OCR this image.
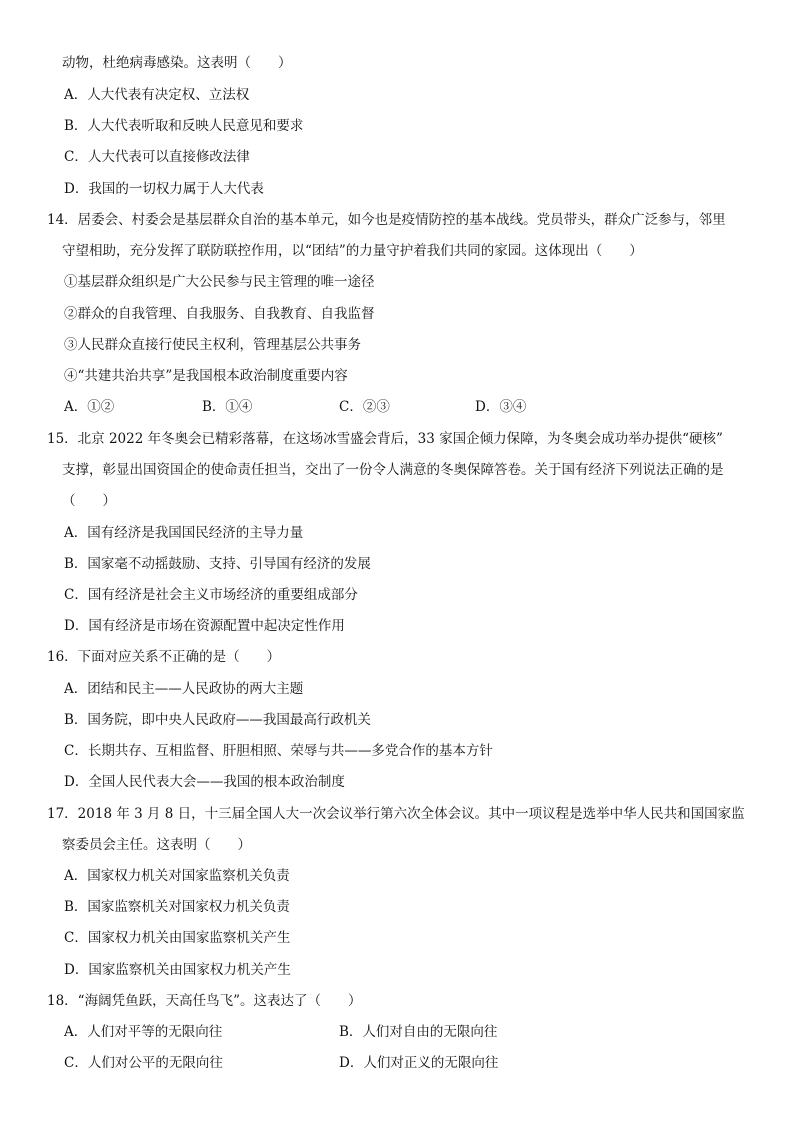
动物，杜绝病毒感染。这表明（　　）
A．人大代表有决定权、立法权
B．人大代表听取和反映人民意见和要求
C．人大代表可以直接修改法律
D．我国的一切权力属于人大代表
14．居委会、村委会是基层群众自治的基本单元，如今也是疫情防控的基本战线。党员带头，群众广泛参与，邻里
守望相助，充分发挥了联防联控作用，以“团结”的力量守护着我们共同的家园。这体现出（　　）
①基层群众组织是广大公民参与民主管理的唯一途径
②群众的自我管理、自我服务、自我教育、自我监督
③人民群众直接行使民主权利，管理基层公共事务
④“共建共治共享”是我国根本政治制度重要内容
A．①②	B．①④	C．②③	D．③④
15．北京 2022 年冬奥会已精彩落幕，在这场冰雪盛会背后，33 家国企倾力保障，为冬奥会成功举办提供“硬核”
支撑，彰显出国资国企的使命责任担当，交出了一份令人满意的冬奥保障答卷。关于国有经济下列说法正确的是
（　　）
A．国有经济是我国国民经济的主导力量
B．国家毫不动摇鼓励、支持、引导国有经济的发展
C．国有经济是社会主义市场经济的重要组成部分
D．国有经济是市场在资源配置中起决定性作用
16．下面对应关系不正确的是（　　）
A．团结和民主——人民政协的两大主题
B．国务院，即中央人民政府——我国最高行政机关
C．长期共存、互相监督、肝胆相照、荣辱与共——多党合作的基本方针
D．全国人民代表大会——我国的根本政治制度
17．2018 年 3 月 8 日，十三届全国人大一次会议举行第六次全体会议。其中一项议程是选举中华人民共和国国家监
察委员会主任。这表明（　　）
A．国家权力机关对国家监察机关负责
B．国家监察机关对国家权力机关负责
C．国家权力机关由国家监察机关产生
D．国家监察机关由国家权力机关产生
18．“海阔凭鱼跃，天高任鸟飞”。这表达了（　　）
A．人们对平等的无限向往	B．人们对自由的无限向往
C．人们对公平的无限向往	D．人们对正义的无限向往
